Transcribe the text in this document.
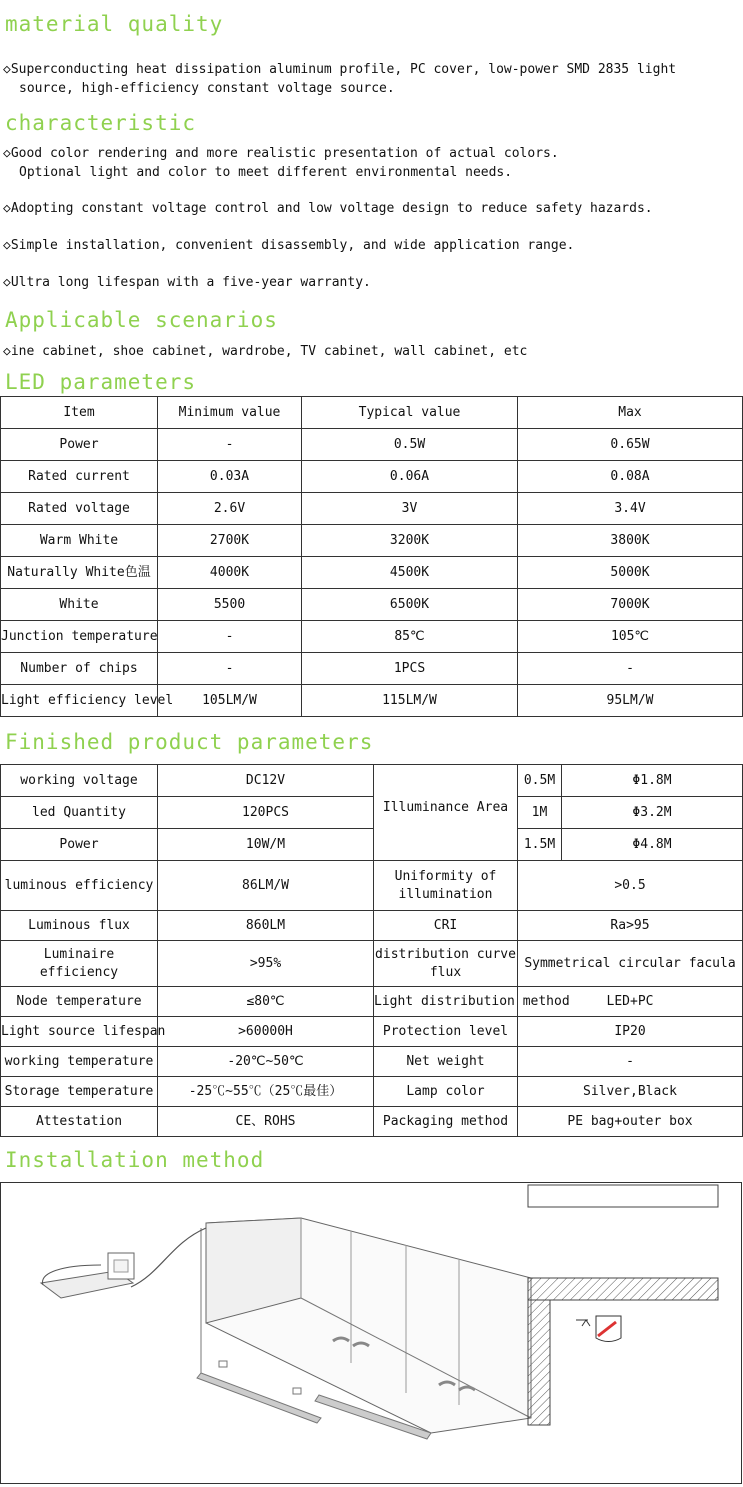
material quality
◇Superconducting heat dissipation aluminum profile, PC cover, low-power SMD 2835 light
source, high-efficiency constant voltage source.
characteristic
◇Good color rendering and more realistic presentation of actual colors.
Optional light and color to meet different environmental needs.
◇Adopting constant voltage control and low voltage design to reduce safety hazards.
◇Simple installation, convenient disassembly, and wide application range.
◇Ultra long lifespan with a five-year warranty.
Applicable scenarios
◇ine cabinet, shoe cabinet, wardrobe, TV cabinet, wall cabinet, etc
LED parameters
Item	Minimum value	Typical value	Max
Power	-	0.5W	0.65W
Rated current	0.03A	0.06A	0.08A
Rated voltage	2.6V	3V	3.4V
Warm White	2700K	3200K	3800K
Naturally White色温	4000K	4500K	5000K
White	5500	6500K	7000K
Junction temperature	-	85℃	105℃
Number of chips	-	1PCS	-
Light efficiency level	105LM/W	115LM/W	95LM/W
Finished product parameters
working voltage	DC12V	Illuminance Area	0.5M	Φ1.8M
led Quantity	120PCS		1M	Φ3.2M
Power	10W/M		1.5M	Φ4.8M
luminous efficiency	86LM/W	Uniformity of illumination	>0.5	
Luminous flux	860LM	CRI	Ra>95	
Luminaire efficiency	>95%	distribution curve flux	Symmetrical circular facula	
Node temperature	≤80℃	Light distribution method	LED+PC	
Light source lifespan	>60000H	Protection level	IP20	
working temperature	-20℃~50℃	Net weight	-	
Storage temperature	-25℃~55℃（25℃最佳）	Lamp color	Silver,Black	
Attestation	CE、ROHS	Packaging method	PE bag+outer box	
Installation method
